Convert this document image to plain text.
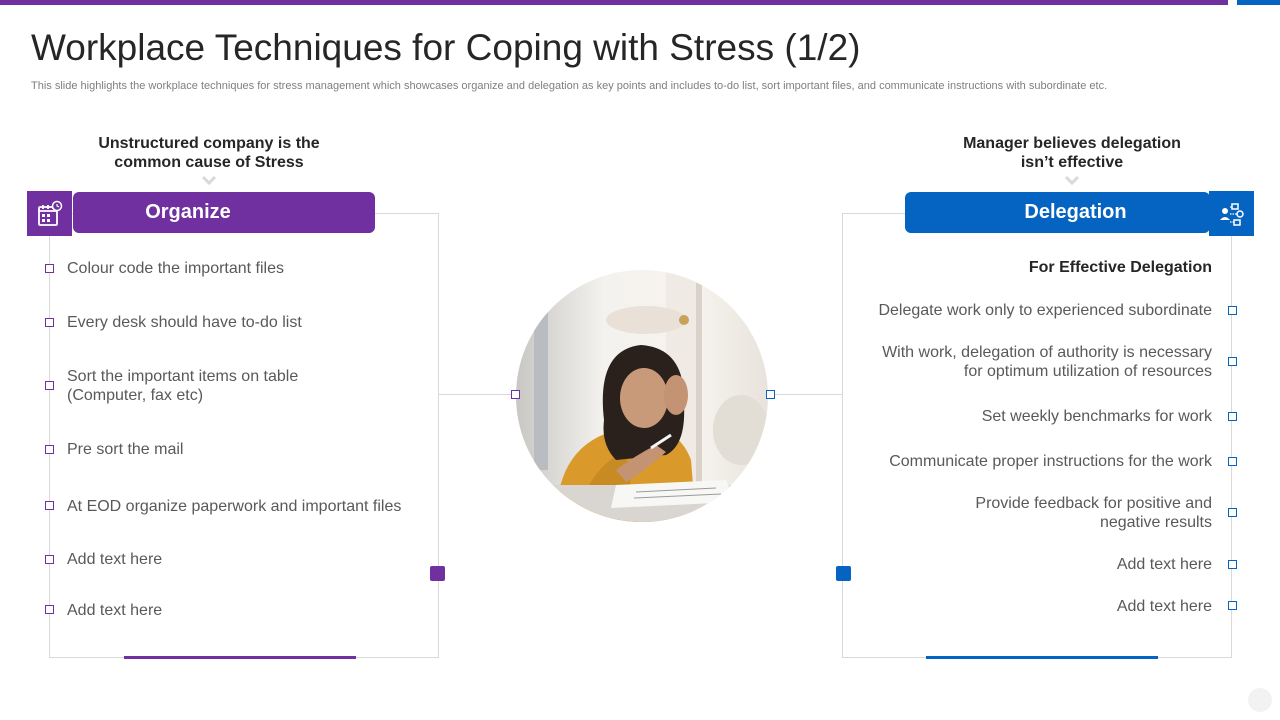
Workplace Techniques for Coping with Stress (1/2)
This slide highlights the workplace techniques for stress management which showcases organize and delegation as key points and includes to-do list, sort important files, and communicate instructions with subordinate etc.
Unstructured company is the
common cause of Stress
Manager believes delegation
isn’t effective
Organize	Delegation
Colour code the important files
Every desk should have to-do list
Sort the important items on table (Computer, fax etc)
Pre sort the mail
At EOD organize paperwork and important files
Add text here
Add text here
For Effective Delegation
Delegate work only to experienced subordinate
With work, delegation of authority is necessary for optimum utilization of resources
Set weekly benchmarks for work
Communicate proper instructions for the work
Provide feedback for positive and negative results
Add text here
Add text here
